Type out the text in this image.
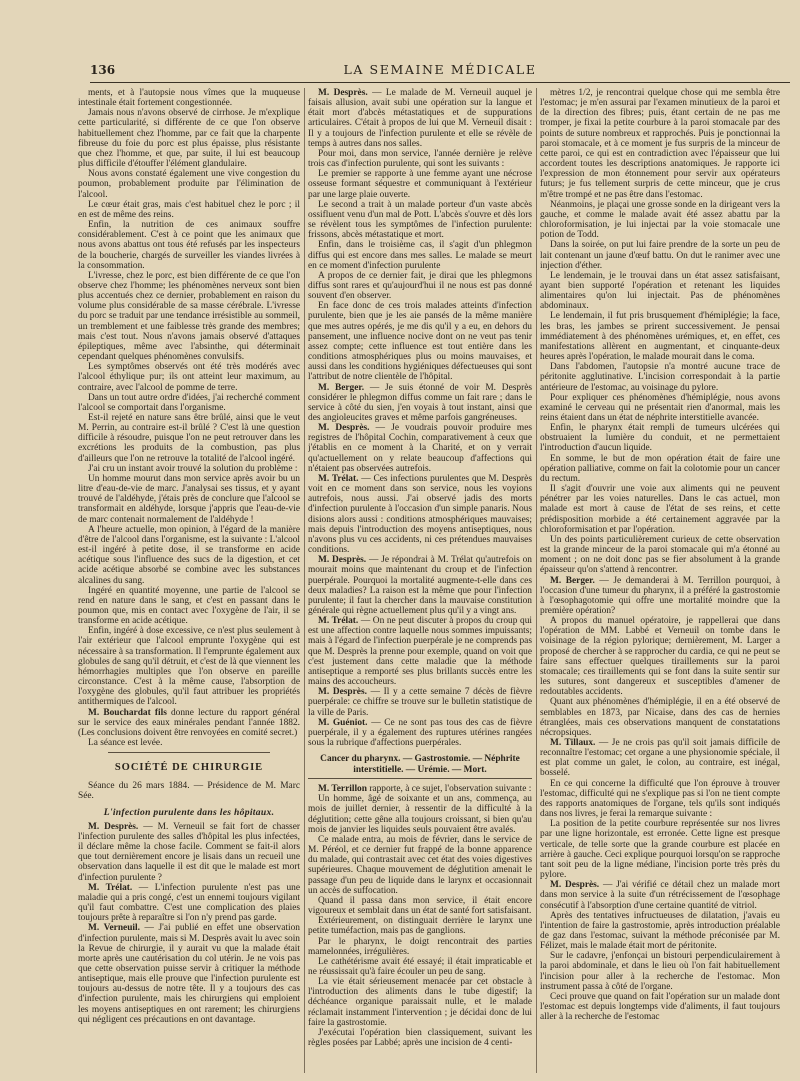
136	LA SEMAINE MÉDICALE

ments, et à l'autopsie nous vîmes que la muqueuse intestinale était fortement congestionnée.

Jamais nous n'avons observé de cirrhose. Je m'explique cette particularité, si différente de ce que l'on observe habituellement chez l'homme, par ce fait que la charpente fibreuse du foie du porc est plus épaisse, plus résistante que chez l'homme, et que, par suite, il lui est beaucoup plus difficile d'étouffer l'élément glandulaire.

Nous avons constaté également une vive congestion du poumon, probablement produite par l'élimination de l'alcool.

Le cœur était gras, mais c'est habituel chez le porc ; il en est de même des reins.

Enfin, la nutrition de ces animaux souffre considérablement. C'est à ce point que les animaux que nous avons abattus ont tous été refusés par les inspecteurs de la boucherie, chargés de surveiller les viandes livrées à la consommation.

L'ivresse, chez le porc, est bien différente de ce que l'on observe chez l'homme; les phénomènes nerveux sont bien plus accentués chez ce dernier, probablement en raison du volume plus considérable de sa masse cérébrale. L'ivresse du porc se traduit par une tendance irrésistible au sommeil, un tremblement et une faiblesse très grande des membres; mais c'est tout. Nous n'avons jamais observé d'attaques épileptiques, même avec l'absinthe, qui déterminait cependant quelques phénomènes convulsifs.

Les symptômes observés ont été très modérés avec l'alcool éthylique pur; ils ont atteint leur maximum, au contraire, avec l'alcool de pomme de terre.

Dans un tout autre ordre d'idées, j'ai recherché comment l'alcool se comportait dans l'organisme.

Est-il rejeté en nature sans être brûlé, ainsi que le veut M. Perrin, au contraire est-il brûlé ? C'est là une question difficile à résoudre, puisque l'on ne peut retrouver dans les excrétions les produits de la combustion, pas plus d'ailleurs que l'on ne retrouve la totalité de l'alcool ingéré.

J'ai cru un instant avoir trouvé la solution du problème :

Un homme mourut dans mon service après avoir bu un litre d'eau-de-vie de marc. J'analysai ses tissus, et y ayant trouvé de l'aldéhyde, j'étais près de conclure que l'alcool se transformait en aldéhyde, lorsque j'appris que l'eau-de-vie de marc contenait normalement de l'aldéhyde !

A l'heure actuelle, mon opinion, à l'égard de la manière d'être de l'alcool dans l'organisme, est la suivante : L'alcool est-il ingéré à petite dose, il se transforme en acide acétique sous l'influence des sucs de la digestion, et cet acide acétique absorbé se combine avec les substances alcalines du sang.

Ingéré en quantité moyenne, une partie de l'alcool se rend en nature dans le sang, et c'est en passant dans le poumon que, mis en contact avec l'oxygène de l'air, il se transforme en acide acétique.

Enfin, ingéré à dose excessive, ce n'est plus seulement à l'air extérieur que l'alcool emprunte l'oxygène qui est nécessaire à sa transformation. Il l'emprunte également aux globules de sang qu'il détruit, et c'est de là que viennent les hémorrhagies multiples que l'on observe en pareille circonstance. C'est à la même cause, l'absorption de l'oxygène des globules, qu'il faut attribuer les propriétés antithermiques de l'alcool.

M. Bouchardat fils donne lecture du rapport général sur le service des eaux minérales pendant l'année 1882. (Les conclusions doivent être renvoyées en comité secret.)

La séance est levée.

SOCIÉTÉ DE CHIRURGIE

Séance du 26 mars 1884. — Présidence de M. Marc Sée.

L'infection purulente dans les hôpitaux.

M. Desprès. — M. Verneuil se fait fort de chasser l'infection purulente des salles d'hôpital les plus infectées, il déclare même la chose facile. Comment se fait-il alors que tout dernièrement encore je lisais dans un recueil une observation dans laquelle il est dit que le malade est mort d'infection purulente ?

M. Trélat. — L'infection purulente n'est pas une maladie qui a pris congé, c'est un ennemi toujours vigilant qu'il faut combattre. C'est une complication des plaies toujours prête à reparaître si l'on n'y prend pas garde.

M. Verneuil. — J'ai publié en effet une observation d'infection purulente, mais si M. Desprès avait lu avec soin la Revue de chirurgie, il y aurait vu que la malade était morte après une cautérisation du col utérin. Je ne vois pas que cette observation puisse servir à critiquer la méthode antiseptique, mais elle prouve que l'infection purulente est toujours au-dessus de notre tête. Il y a toujours des cas d'infection purulente, mais les chirurgiens qui emploient les moyens antiseptiques en ont rarement; les chirurgiens qui négligent ces précautions en ont davantage.

M. Desprès. — Le malade de M. Verneuil auquel je faisais allusion, avait subi une opération sur la langue et était mort d'abcès métastatiques et de suppurations articulaires. C'était à propos de lui que M. Verneuil disait : Il y a toujours de l'infection purulente et elle se révèle de temps à autres dans nos salles.

Pour moi, dans mon service, l'année dernière je relève trois cas d'infection purulente, qui sont les suivants :

Le premier se rapporte à une femme ayant une nécrose osseuse formant séquestre et communiquant à l'extérieur par une large plaie ouverte.

Le second a trait à un malade porteur d'un vaste abcès ossifluent venu d'un mal de Pott. L'abcès s'ouvre et dès lors se révèlent tous les symptômes de l'infection purulente: frissons, abcès métastatique et mort.

Enfin, dans le troisième cas, il s'agit d'un phlegmon diffus qui est encore dans mes salles. Le malade se meurt en ce moment d'infection purulente

A propos de ce dernier fait, je dirai que les phlegmons diffus sont rares et qu'aujourd'hui il ne nous est pas donné souvent d'en observer.

En face donc de ces trois malades atteints d'infection purulente, bien que je les aie pansés de la même manière que mes autres opérés, je me dis qu'il y a eu, en dehors du pansement, une influence nocive dont on ne veut pas tenir assez compte; cette influence est tout entière dans les conditions atmosphériques plus ou moins mauvaises, et aussi dans les conditions hygiéniques défectueuses qui sont l'attribut de notre clientèle de l'hôpital.

M. Berger. — Je suis étonné de voir M. Desprès considérer le phlegmon diffus comme un fait rare ; dans le service à côté du sien, j'en voyais à tout instant, ainsi que des angioleucites graves et même parfois gangréneuses.

M. Desprès. — Je voudrais pouvoir produire mes registres de l'hôpital Cochin, comparativement à ceux que j'établis en ce moment à la Charité, et on y verrait qu'actuellement on y relate beaucoup d'affections qui n'étaient pas observées autrefois.

M. Trélat. — Ces infections purulentes que M. Desprès voit en ce moment dans son service, nous les voyions autrefois, nous aussi. J'ai observé jadis des morts d'infection purulente à l'occasion d'un simple panaris. Nous disions alors aussi : conditions atmosphériques mauvaises; mais depuis l'introduction des moyens antiseptiques, nous n'avons plus vu ces accidents, ni ces prétendues mauvaises conditions.

M. Desprès. — Je répondrai à M. Trélat qu'autrefois on mourait moins que maintenant du croup et de l'infection puerpérale. Pourquoi la mortalité augmente-t-elle dans ces deux maladies? La raison est la même que pour l'infection purulente; il faut la chercher dans la mauvaise constitution générale qui règne actuellement plus qu'il y a vingt ans.

M. Trélat. — On ne peut discuter à propos du croup qui est une affection contre laquelle nous sommes impuissants; mais à l'égard de l'infection puerpérale je ne comprends pas que M. Desprès la prenne pour exemple, quand on voit que c'est justement dans cette maladie que la méthode antiseptique a remporté ses plus brillants succès entre les mains des accoucheurs.

M. Desprès. — Il y a cette semaine 7 décès de fièvre puerpérale: ce chiffre se trouve sur le bulletin statistique de la ville de Paris.

M. Guéniot. — Ce ne sont pas tous des cas de fièvre puerpérale, il y a également des ruptures utérines rangées sous la rubrique d'affections puerpérales.

Cancer du pharynx. — Gastrostomie. — Néphrite interstitielle. — Urémie. — Mort.

M. Terrillon rapporte, à ce sujet, l'observation suivante :

Un homme, âgé de soixante et un ans, commença, au mois de juillet dernier, à ressentir de la difficulté à la déglutition; cette gêne alla toujours croissant, si bien qu'au mois de janvier les liquides seuls pouvaient être avalés.

Ce malade entra, au mois de février, dans le service de M. Péréol, et ce dernier fut frappé de la bonne apparence du malade, qui contrastait avec cet état des voies digestives supérieures. Chaque mouvement de déglutition amenait le passage d'un peu de liquide dans le larynx et occasionnait un accès de suffocation.

Quand il passa dans mon service, il était encore vigoureux et semblait dans un état de santé fort satisfaisant.

Extérieurement, on distinguait derrière le larynx une petite tuméfaction, mais pas de ganglions.

Par le pharynx, le doigt rencontrait des parties mamelonnées, irrégulières.

Le cathétérisme avait été essayé; il était impraticable et ne réussissait qu'à faire écouler un peu de sang.

La vie était sérieusement menacée par cet obstacle à l'introduction des aliments dans le tube digestif; la déchéance organique paraissait nulle, et le malade réclamait instamment l'intervention ; je décidai donc de lui faire la gastrostomie.

J'exécutai l'opération bien classiquement, suivant les règles posées par Labbé; après une incision de 4 centi-

mètres 1/2, je rencontrai quelque chose qui me sembla être l'estomac; je m'en assurai par l'examen minutieux de la paroi et de la direction des fibres; puis, étant certain de ne pas me tromper, je fixai la petite courbure à la paroi stomacale par des points de suture nombreux et rapprochés. Puis je ponctionnai la paroi stomacale, et à ce moment je fus surpris de la minceur de cette paroi, ce qui est en contradiction avec l'épaisseur que lui accordent toutes les descriptions anatomiques. Je rapporte ici l'expression de mon étonnement pour servir aux opérateurs futurs; je fus tellement surpris de cette minceur, que je crus m'être trompé et ne pas être dans l'estomac.

Néanmoins, je plaçai une grosse sonde en la dirigeant vers la gauche, et comme le malade avait été assez abattu par la chloroformisation, je lui injectai par la voie stomacale une potion de Todd.

Dans la soirée, on put lui faire prendre de la sorte un peu de lait contenant un jaune d'œuf battu. On dut le ranimer avec une injection d'éther.

Le lendemain, je le trouvai dans un état assez satisfaisant, ayant bien supporté l'opération et retenant les liquides alimentaires qu'on lui injectait. Pas de phénomènes abdominaux.

Le lendemain, il fut pris brusquement d'hémiplégie; la face, les bras, les jambes se prirent successivement. Je pensai immédiatement à des phénomènes urémiques, et, en effet, ces manifestations allèrent en augmentant, et cinquante-deux heures après l'opération, le malade mourait dans le coma.

Dans l'abdomen, l'autopsie n'a montré aucune trace de péritonite agglutinative. L'incision correspondait à la partie antérieure de l'estomac, au voisinage du pylore.

Pour expliquer ces phénomènes d'hémiplégie, nous avons examiné le cerveau qui ne présentait rien d'anormal, mais les reins étaient dans un état de néphrite interstitielle avancée.

Enfin, le pharynx était rempli de tumeurs ulcérées qui obstruaient la lumière du conduit, et ne permettaient l'introduction d'aucun liquide.

En somme, le but de mon opération était de faire une opération palliative, comme on fait la colotomie pour un cancer du rectum.

Il s'agit d'ouvrir une voie aux aliments qui ne peuvent pénétrer par les voies naturelles. Dans le cas actuel, mon malade est mort à cause de l'état de ses reins, et cette prédisposition morbide a été certainement aggravée par la chloroformisation et par l'opération.

Un des points particulièrement curieux de cette observation est la grande minceur de la paroi stomacale qui m'a étonné au moment ; on ne doit donc pas se fier absolument à la grande épaisseur qu'on s'attend à rencontrer.

M. Berger. — Je demanderai à M. Terrillon pourquoi, à l'occasion d'une tumeur du pharynx, il a préféré la gastrostomie à l'œsophagotomie qui offre une mortalité moindre que la première opération?

A propos du manuel opératoire, je rappellerai que dans l'opération de MM. Labbé et Verneuil on tombe dans le voisinage de la région pylorique; dernièrement, M. Larger a proposé de chercher à se rapprocher du cardia, ce qui ne peut se faire sans effectuer quelques tiraillements sur la paroi stomacale; ces tiraillements qui se font dans la suite sentir sur les sutures, sont dangereux et susceptibles d'amener de redoutables accidents.

Quant aux phénomènes d'hémiplégie, il en a été observé de semblables en 1873, par Nicaise, dans des cas de hernies étranglées, mais ces observations manquent de constatations nécropsiques.

M. Tillaux. — Je ne crois pas qu'il soit jamais difficile de reconnaître l'estomac; cet organe a une physionomie spéciale, il est plat comme un galet, le colon, au contraire, est inégal, bosselé.

En ce qui concerne la difficulté que l'on éprouve à trouver l'estomac, difficulté qui ne s'explique pas si l'on ne tient compte des rapports anatomiques de l'organe, tels qu'ils sont indiqués dans nos livres, je ferai la remarque suivante :

La position de la petite courbure représentée sur nos livres par une ligne horizontale, est erronée. Cette ligne est presque verticale, de telle sorte que la grande courbure est placée en arrière à gauche. Ceci explique pourquoi lorsqu'on se rapproche tant soit peu de la ligne médiane, l'incision porte très près du pylore.

M. Desprès. — J'ai vérifié ce détail chez un malade mort dans mon service à la suite d'un rétrécissement de l'œsophage consécutif à l'absorption d'une certaine quantité de vitriol.

Après des tentatives infructueuses de dilatation, j'avais eu l'intention de faire la gastrostomie, après introduction préalable de gaz dans l'estomac, suivant la méthode préconisée par M. Félizet, mais le malade était mort de péritonite.

Sur le cadavre, j'enfonçai un bistouri perpendiculairement à la paroi abdominale, et dans le lieu où l'on fait habituellement l'incision pour aller à la recherche de l'estomac. Mon instrument passa à côté de l'organe.

Ceci prouve que quand on fait l'opération sur un malade dont l'estomac est depuis longtemps vide d'aliments, il faut toujours aller à la recherche de l'estomac
